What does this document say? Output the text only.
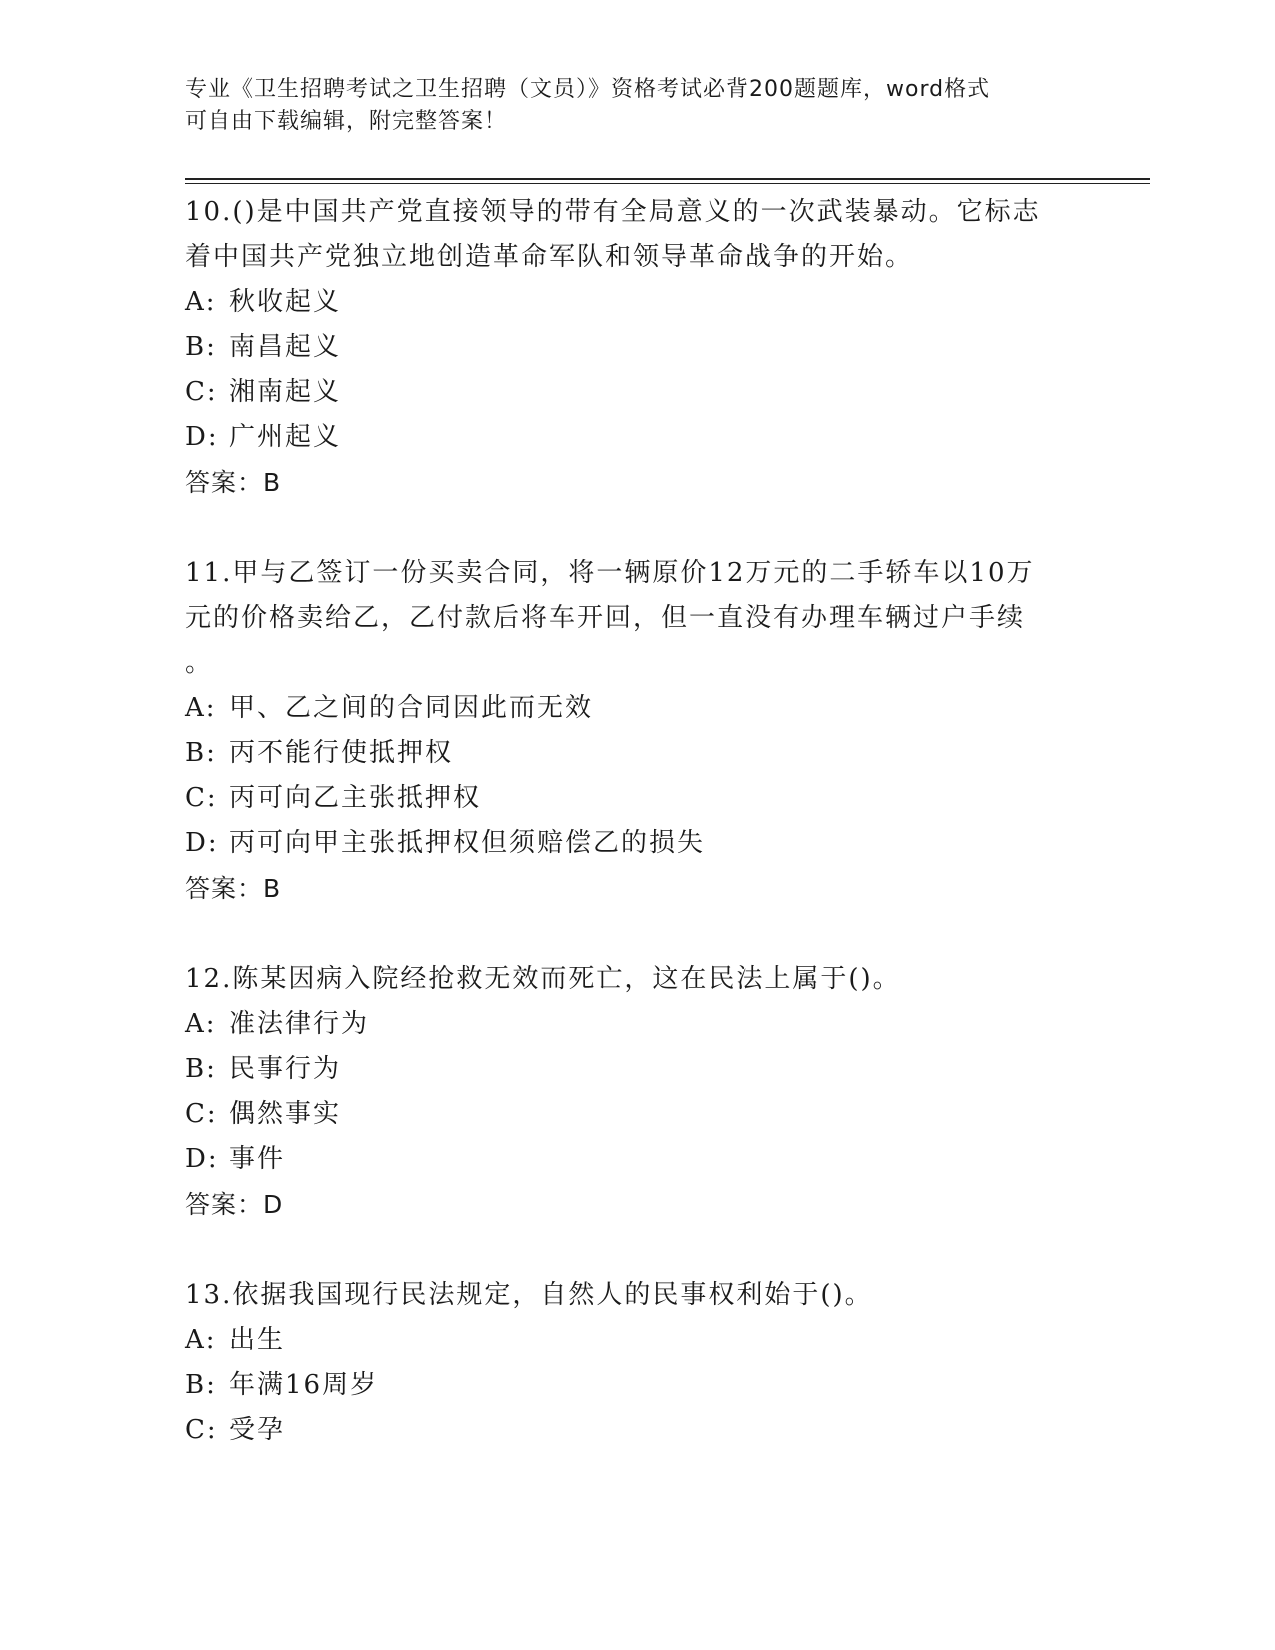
专业《卫生招聘考试之卫生招聘（文员）》资格考试必背200题题库，word格式
可自由下载编辑，附完整答案！

10.()是中国共产党直接领导的带有全局意义的一次武装暴动。它标志

着中国共产党独立地创造革命军队和领导革命战争的开始。

A: 秋收起义

B: 南昌起义

C: 湘南起义

D: 广州起义

答案：B

11.甲与乙签订一份买卖合同，将一辆原价12万元的二手轿车以10万

元的价格卖给乙，乙付款后将车开回，但一直没有办理车辆过户手续

。

A: 甲、乙之间的合同因此而无效

B: 丙不能行使抵押权

C: 丙可向乙主张抵押权

D: 丙可向甲主张抵押权但须赔偿乙的损失

答案：B

12.陈某因病入院经抢救无效而死亡，这在民法上属于()。

A: 准法律行为

B: 民事行为

C: 偶然事实

D: 事件

答案：D

13.依据我国现行民法规定，自然人的民事权利始于()。

A: 出生

B: 年满16周岁

C: 受孕
